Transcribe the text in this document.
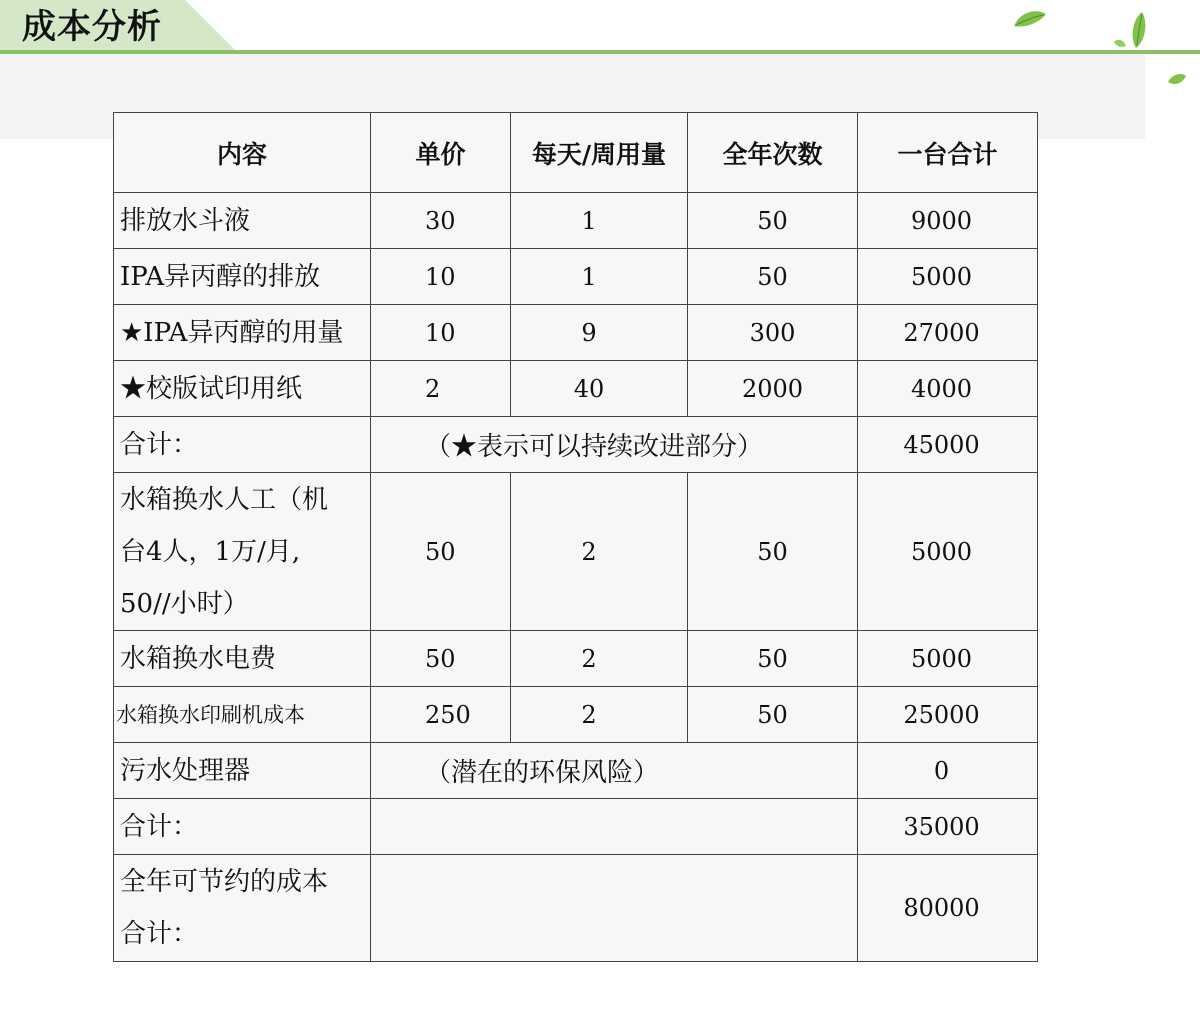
成本分析
内容	单价	每天/周用量	全年次数	一台合计
排放水斗液	30	1	50	9000
IPA异丙醇的排放	10	1	50	5000
★IPA异丙醇的用量	10	9	300	27000
★校版试印用纸	2	40	2000	4000
合计：	（★表示可以持续改进部分）			45000

水箱换水人工（机
台4人，1万/月,
50//小时）	50	2	50	5000
水箱换水电费	50	2	50	5000
水箱换水印刷机成本	250	2	50	25000
污水处理器	（潜在的环保风险）			0
合计：				35000

全年可节约的成本
合计：				80000
